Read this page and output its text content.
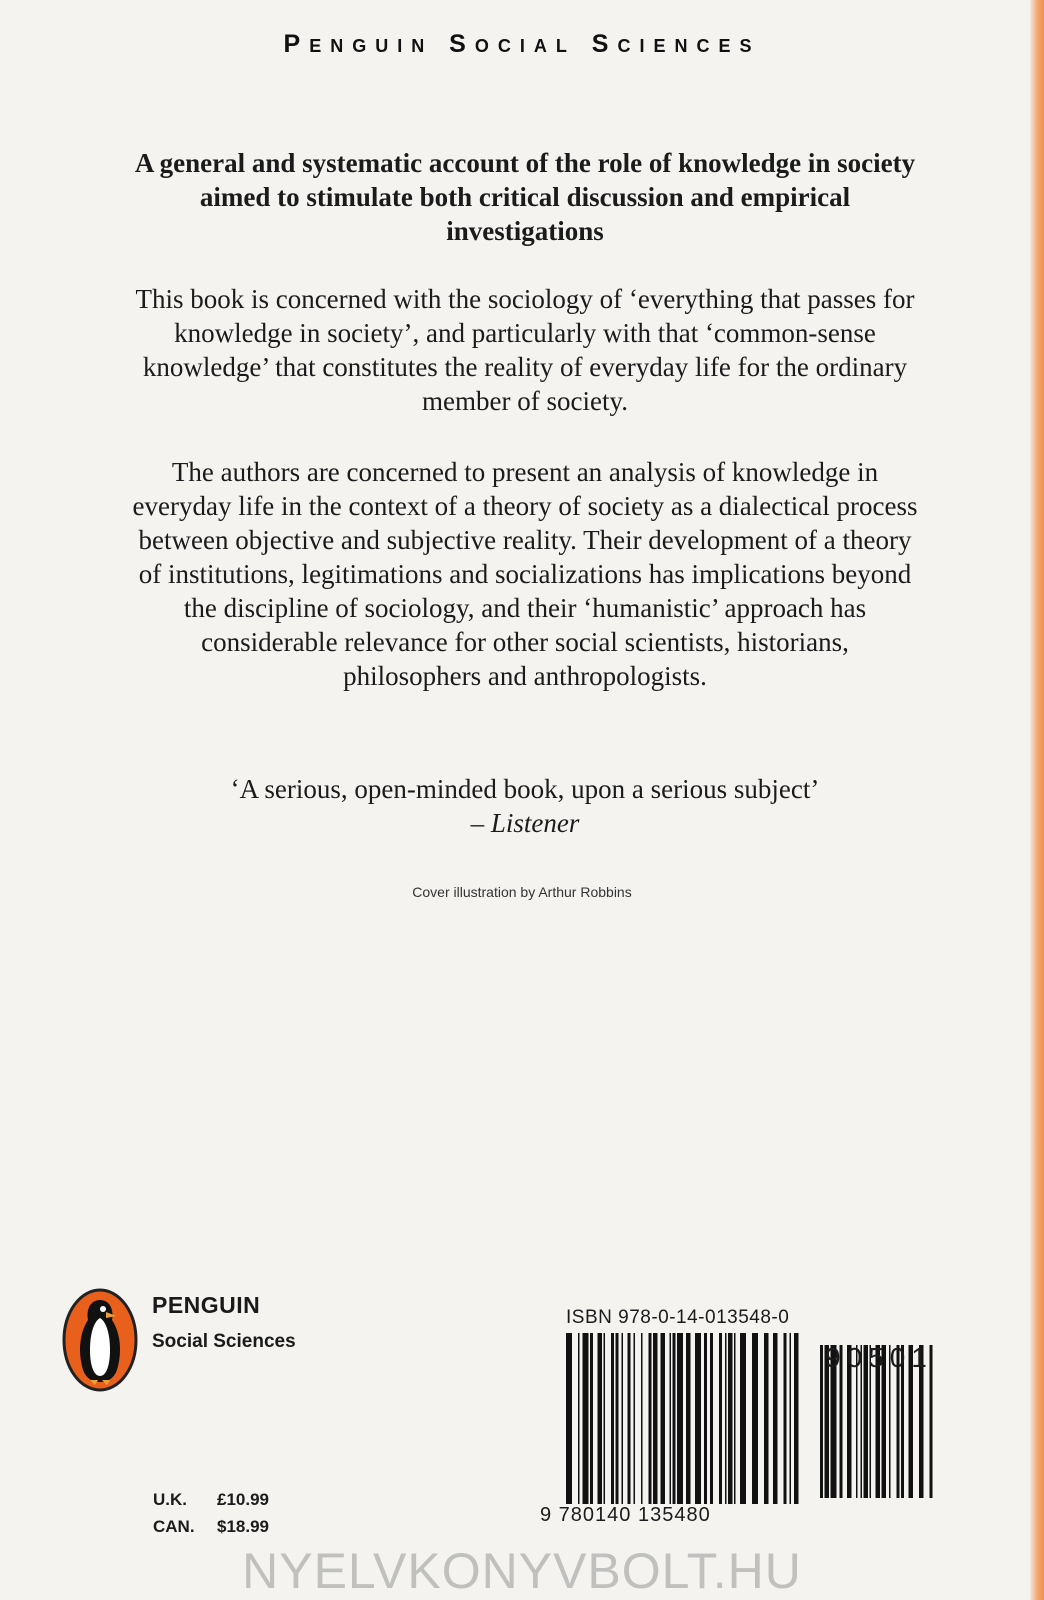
Penguin Social Sciences
A general and systematic account of the role of knowledge in society aimed to stimulate both critical discussion and empirical investigations
This book is concerned with the sociology of ‘everything that passes for knowledge in society’, and particularly with that ‘common-sense knowledge’ that constitutes the reality of everyday life for the ordinary member of society.
The authors are concerned to present an analysis of knowledge in everyday life in the context of a theory of society as a dialectical process between objective and subjective reality. Their development of a theory of institutions, legitimations and socializations has implications beyond the discipline of sociology, and their ‘humanistic’ approach has considerable relevance for other social scientists, historians, philosophers and anthropologists.
‘A serious, open-minded book, upon a serious subject’
– Listener
Cover illustration by Arthur Robbins
PENGUIN
Social Sciences
U.K.	£10.99
CAN.	$18.99
ISBN 978-0-14-013548-0
90501
9 780140 135480
NYELVKONYVBOLT.HU
